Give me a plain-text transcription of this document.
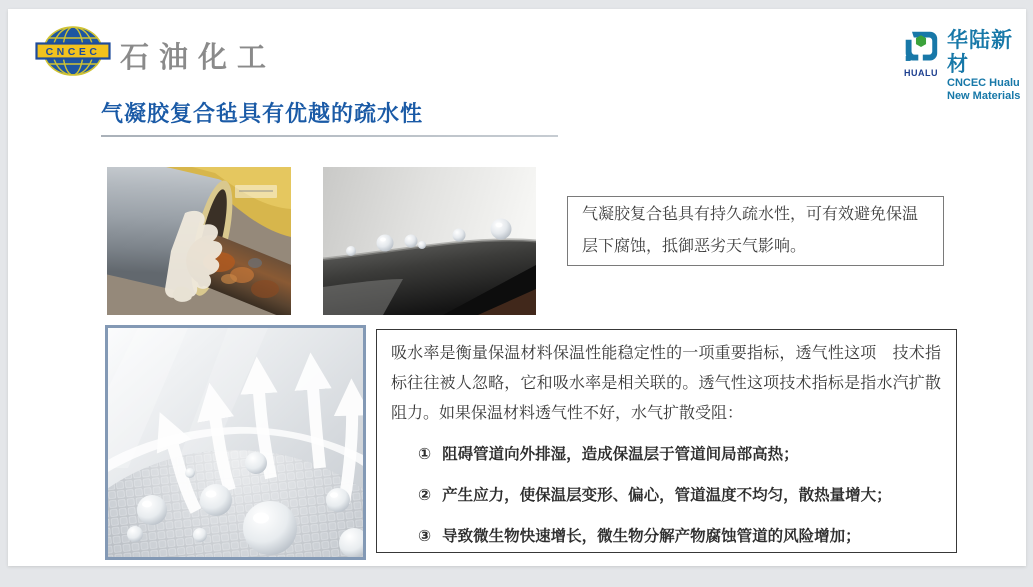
CNCEC 石油化工	HUALU
华陆新材
CNCEC Hualu
New Materials
气凝胶复合毡具有优越的疏水性

气凝胶复合毡具有持久疏水性，可有效避免保温层下腐蚀，抵御恶劣天气影响。

吸水率是衡量保温材料保温性能稳定性的一项重要指标，透气性这项　技术指标往往被人忽略，它和吸水率是相关联的。透气性这项技术指标是指水汽扩散阻力。如果保温材料透气性不好，水气扩散受阻：

① 阻碍管道向外排湿，造成保温层于管道间局部高热；
② 产生应力，使保温层变形、偏心，管道温度不均匀，散热量增大；
③ 导致微生物快速增长，微生物分解产物腐蚀管道的风险增加；
